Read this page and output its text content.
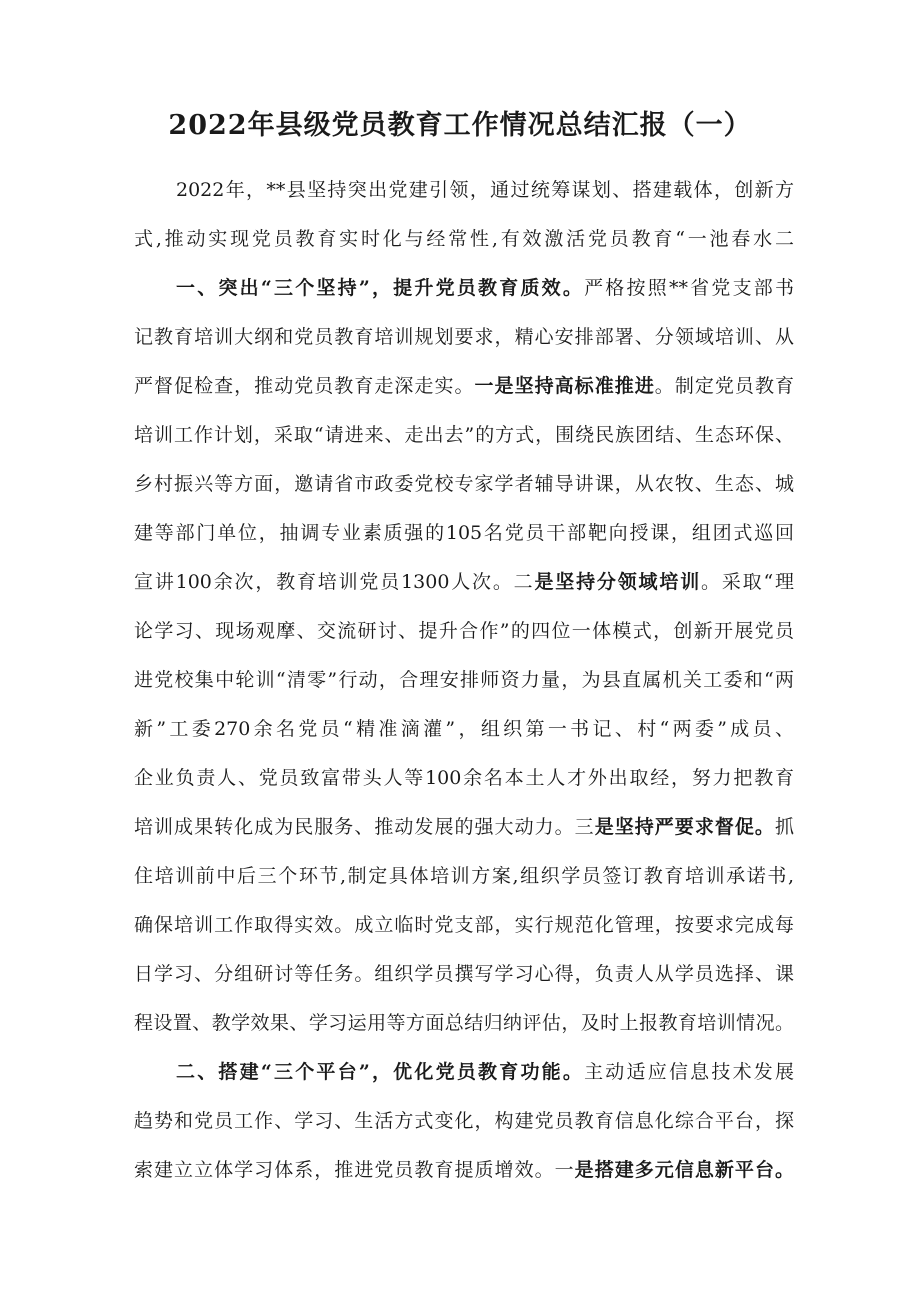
2022年县级党员教育工作情况总结汇报（一）
2022年，**县坚持突出党建引领，通过统筹谋划、搭建载体，创新方
式,推动实现党员教育实时化与经常性,有效激活党员教育“一池春水二
一、突出“三个坚持”，提升党员教育质效。严格按照**省党支部书
记教育培训大纲和党员教育培训规划要求，精心安排部署、分领域培训、从
严督促检查，推动党员教育走深走实。一是坚持高标准推进。制定党员教育
培训工作计划，采取“请进来、走出去”的方式，围绕民族团结、生态环保、
乡村振兴等方面，邀请省市政委党校专家学者辅导讲课，从农牧、生态、城
建等部门单位，抽调专业素质强的105名党员干部靶向授课，组团式巡回
宣讲100余次，教育培训党员1300人次。二是坚持分领域培训。采取“理
论学习、现场观摩、交流研讨、提升合作”的四位一体模式，创新开展党员
进党校集中轮训“清零”行动，合理安排师资力量，为县直属机关工委和“两
新”工委270余名党员“精准滴灌”，组织第一书记、村“两委”成员、
企业负责人、党员致富带头人等100余名本土人才外出取经，努力把教育
培训成果转化成为民服务、推动发展的强大动力。三是坚持严要求督促。抓
住培训前中后三个环节,制定具体培训方案,组织学员签订教育培训承诺书,
确保培训工作取得实效。成立临时党支部，实行规范化管理，按要求完成每
日学习、分组研讨等任务。组织学员撰写学习心得，负责人从学员选择、课
程设置、教学效果、学习运用等方面总结归纳评估，及时上报教育培训情况。
二、搭建“三个平台”，优化党员教育功能。主动适应信息技术发展
趋势和党员工作、学习、生活方式变化，构建党员教育信息化综合平台，探
索建立立体学习体系，推进党员教育提质增效。一是搭建多元信息新平台。
